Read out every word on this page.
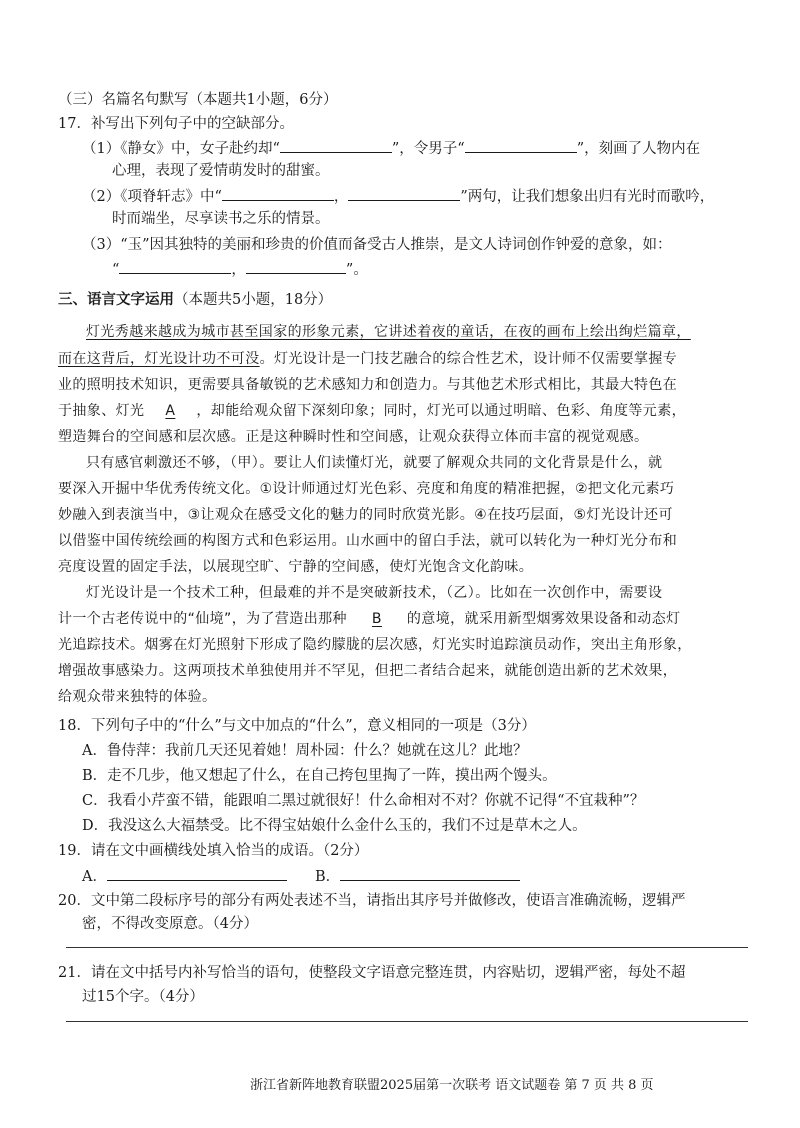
（三）名篇名句默写（本题共1小题，6分）
17．补写出下列句子中的空缺部分。
（1）《静女》中，女子赴约却“	”，令男子“	”，刻画了人物内在
心理，表现了爱情萌发时的甜蜜。
（2）《项脊轩志》中“	，	”两句，让我们想象出归有光时而歌吟，
时而端坐，尽享读书之乐的情景。
（3）“玉”因其独特的美丽和珍贵的价值而备受古人推崇，是文人诗词创作钟爱的意象，如：
“	，	”。
三、语言文字运用（本题共5小题，18分）
灯光秀越来越成为城市甚至国家的形象元素，它讲述着夜的童话，在夜的画布上绘出绚烂篇章，
而在这背后，灯光设计功不可没。灯光设计是一门技艺融合的综合性艺术，设计师不仅需要掌握专
业的照明技术知识，更需要具备敏锐的艺术感知力和创造力。与其他艺术形式相比，其最大特色在
于抽象、灯光 A ，却能给观众留下深刻印象；同时，灯光可以通过明暗、色彩、角度等元素，
塑造舞台的空间感和层次感。正是这种瞬时性和空间感，让观众获得立体而丰富的视觉观感。
只有感官刺激还不够，（甲）。要让人们读懂灯光，就要了解观众共同的文化背景是什么，就
要深入开掘中华优秀传统文化。①设计师通过灯光色彩、亮度和角度的精准把握，②把文化元素巧
妙融入到表演当中，③让观众在感受文化的魅力的同时欣赏光影。④在技巧层面，⑤灯光设计还可
以借鉴中国传统绘画的构图方式和色彩运用。山水画中的留白手法，就可以转化为一种灯光分布和
亮度设置的固定手法，以展现空旷、宁静的空间感，使灯光饱含文化韵味。
灯光设计是一个技术工种，但最难的并不是突破新技术，（乙）。比如在一次创作中，需要设
计一个古老传说中的“仙境”，为了营造出那种 B 的意境，就采用新型烟雾效果设备和动态灯
光追踪技术。烟雾在灯光照射下形成了隐约朦胧的层次感，灯光实时追踪演员动作，突出主角形象，
增强故事感染力。这两项技术单独使用并不罕见，但把二者结合起来，就能创造出新的艺术效果，
给观众带来独特的体验。
18．下列句子中的“什么”与文中加点的“什么”，意义相同的一项是（3分）
A．鲁侍萍：我前几天还见着她！周朴园：什么？她就在这儿？此地？
B．走不几步，他又想起了什么，在自己挎包里掏了一阵，摸出两个馒头。
C．我看小芹蛮不错，能跟咱二黑过就很好！什么命相对不对？你就不记得“不宜栽种”？
D．我没这么大福禁受。比不得宝姑娘什么金什么玉的，我们不过是草木之人。
19．请在文中画横线处填入恰当的成语。（2分）
A．	B．
20．文中第二段标序号的部分有两处表述不当，请指出其序号并做修改，使语言准确流畅，逻辑严
密，不得改变原意。（4分）
21．请在文中括号内补写恰当的语句，使整段文字语意完整连贯，内容贴切，逻辑严密，每处不超
过15个字。（4分）
浙江省新阵地教育联盟2025届第一次联考 语文试题卷 第 7 页 共 8 页
